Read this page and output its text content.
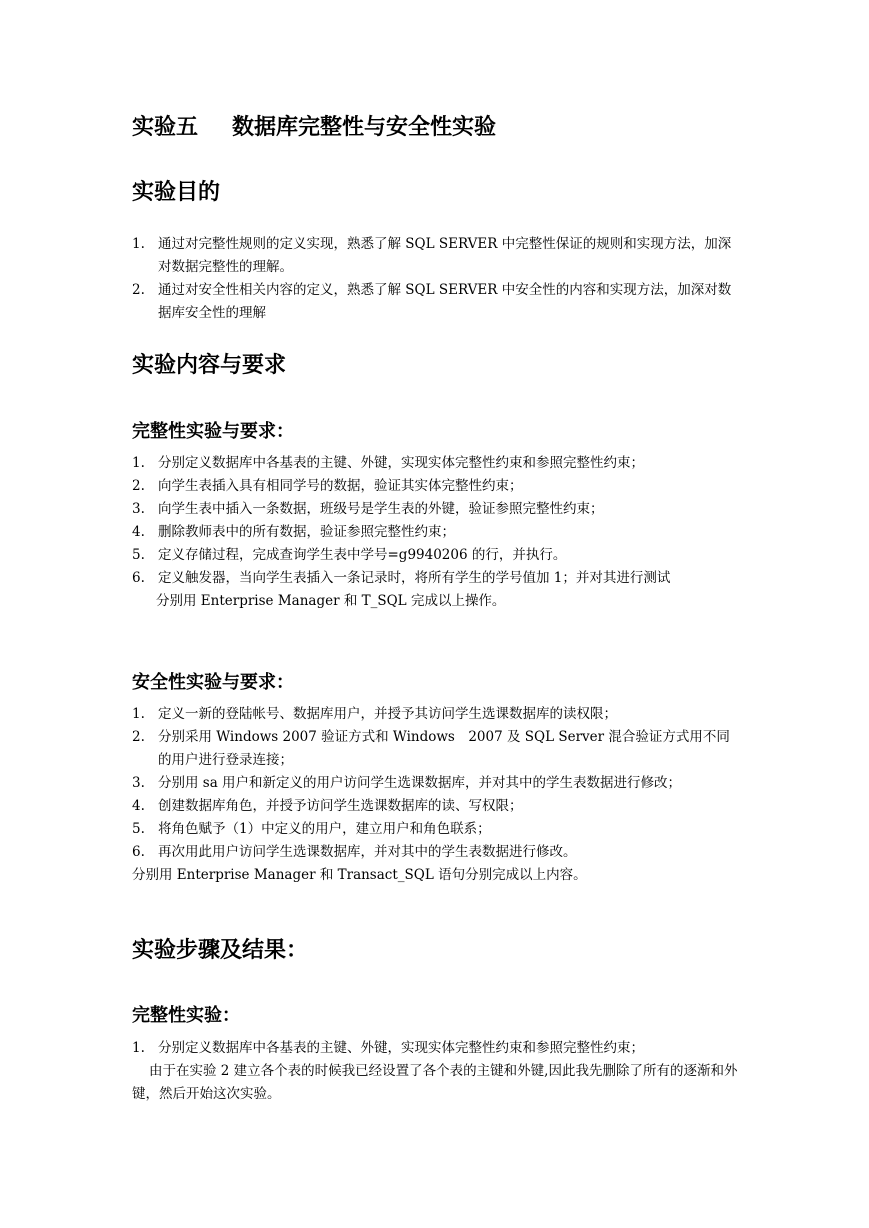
实验五 数据库完整性与安全性实验
实验目的
1. 通过对完整性规则的定义实现，熟悉了解 SQL SERVER 中完整性保证的规则和实现方法，加深对数据完整性的理解。
2. 通过对安全性相关内容的定义，熟悉了解 SQL SERVER 中安全性的内容和实现方法，加深对数据库安全性的理解
实验内容与要求
完整性实验与要求：
1. 分别定义数据库中各基表的主键、外键，实现实体完整性约束和参照完整性约束；
2. 向学生表插入具有相同学号的数据，验证其实体完整性约束；
3. 向学生表中插入一条数据，班级号是学生表的外键，验证参照完整性约束；
4. 删除教师表中的所有数据，验证参照完整性约束；
5. 定义存储过程，完成查询学生表中学号=g9940206 的行，并执行。
6. 定义触发器，当向学生表插入一条记录时，将所有学生的学号值加 1；并对其进行测试

分别用 Enterprise Manager 和 T_SQL 完成以上操作。

安全性实验与要求：
1. 定义一新的登陆帐号、数据库用户，并授予其访问学生选课数据库的读权限；
2. 分别采用 Windows 2007 验证方式和 Windows　2007 及 SQL Server 混合验证方式用不同的用户进行登录连接；
3. 分别用 sa 用户和新定义的用户访问学生选课数据库，并对其中的学生表数据进行修改；
4. 创建数据库角色，并授予访问学生选课数据库的读、写权限；
5. 将角色赋予（1）中定义的用户，建立用户和角色联系；
6. 再次用此用户访问学生选课数据库，并对其中的学生表数据进行修改。

分别用 Enterprise Manager 和 Transact_SQL 语句分别完成以上内容。

实验步骤及结果：
完整性实验：
1. 分别定义数据库中各基表的主键、外键，实现实体完整性约束和参照完整性约束；

由于在实验 2 建立各个表的时候我已经设置了各个表的主键和外键,因此我先删除了所有的逐渐和外键，然后开始这次实验。
